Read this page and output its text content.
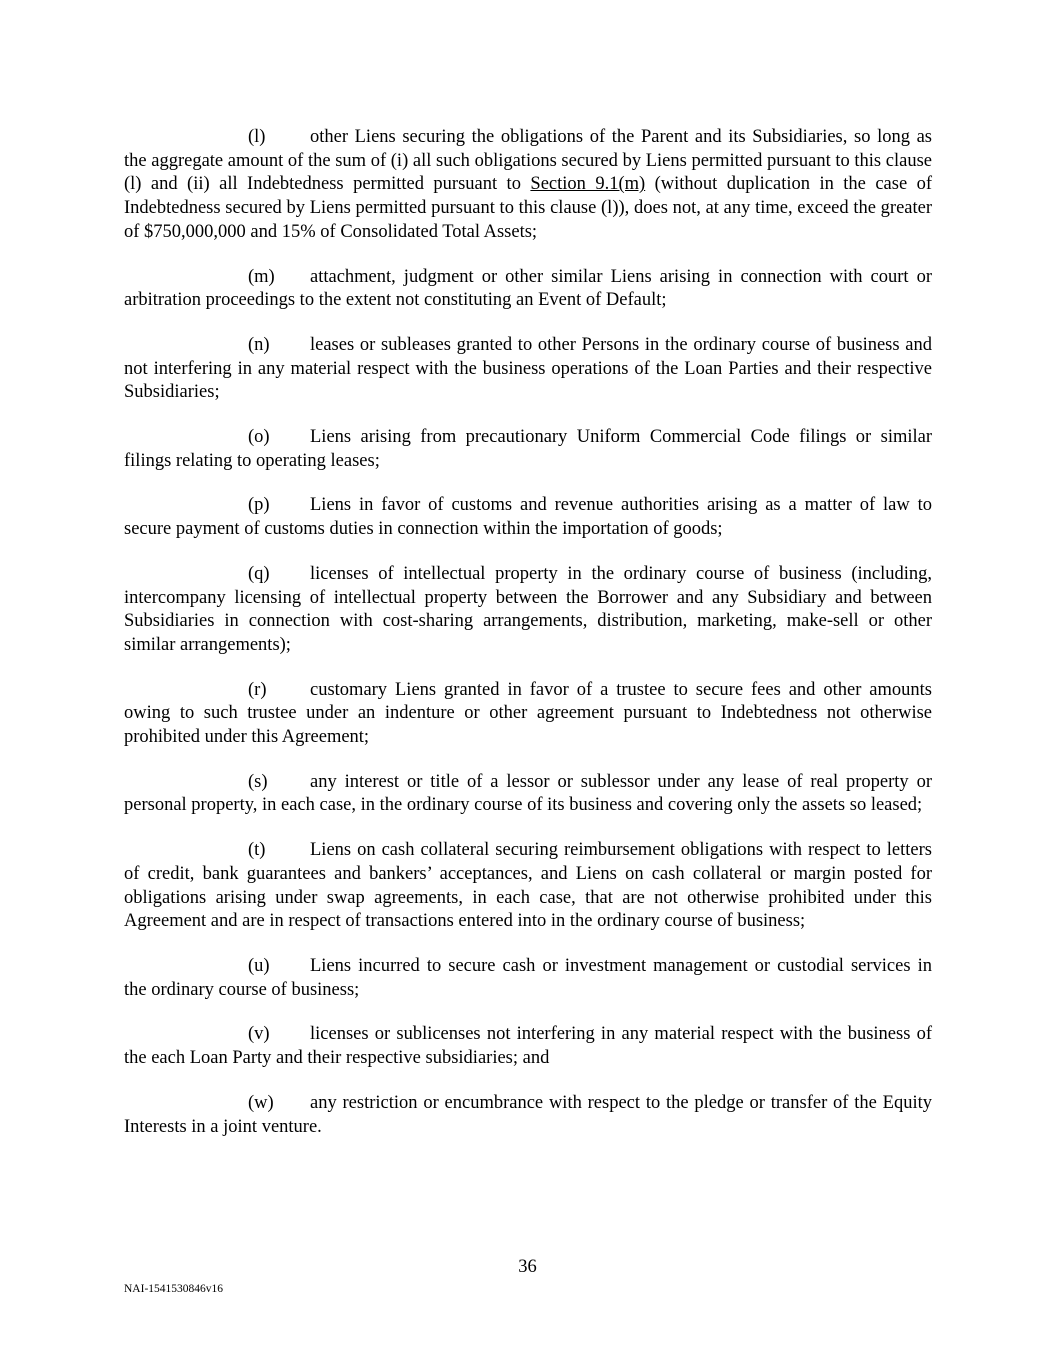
(l) other Liens securing the obligations of the Parent and its Subsidiaries, so long as the aggregate amount of the sum of (i) all such obligations secured by Liens permitted pursuant to this clause (l) and (ii) all Indebtedness permitted pursuant to Section 9.1(m) (without duplication in the case of Indebtedness secured by Liens permitted pursuant to this clause (l)), does not, at any time, exceed the greater of $750,000,000 and 15% of Consolidated Total Assets;

(m) attachment, judgment or other similar Liens arising in connection with court or arbitration proceedings to the extent not constituting an Event of Default;

(n) leases or subleases granted to other Persons in the ordinary course of business and not interfering in any material respect with the business operations of the Loan Parties and their respective Subsidiaries;

(o) Liens arising from precautionary Uniform Commercial Code filings or similar filings relating to operating leases;

(p) Liens in favor of customs and revenue authorities arising as a matter of law to secure payment of customs duties in connection within the importation of goods;

(q) licenses of intellectual property in the ordinary course of business (including, intercompany licensing of intellectual property between the Borrower and any Subsidiary and between Subsidiaries in connection with cost-sharing arrangements, distribution, marketing, make-sell or other similar arrangements);

(r) customary Liens granted in favor of a trustee to secure fees and other amounts owing to such trustee under an indenture or other agreement pursuant to Indebtedness not otherwise prohibited under this Agreement;

(s) any interest or title of a lessor or sublessor under any lease of real property or personal property, in each case, in the ordinary course of its business and covering only the assets so leased;

(t) Liens on cash collateral securing reimbursement obligations with respect to letters of credit, bank guarantees and bankers’ acceptances, and Liens on cash collateral or margin posted for obligations arising under swap agreements, in each case, that are not otherwise prohibited under this Agreement and are in respect of transactions entered into in the ordinary course of business;

(u) Liens incurred to secure cash or investment management or custodial services in the ordinary course of business;

(v) licenses or sublicenses not interfering in any material respect with the business of the each Loan Party and their respective subsidiaries; and

(w) any restriction or encumbrance with respect to the pledge or transfer of the Equity Interests in a joint venture.

36
NAI-1541530846v16
